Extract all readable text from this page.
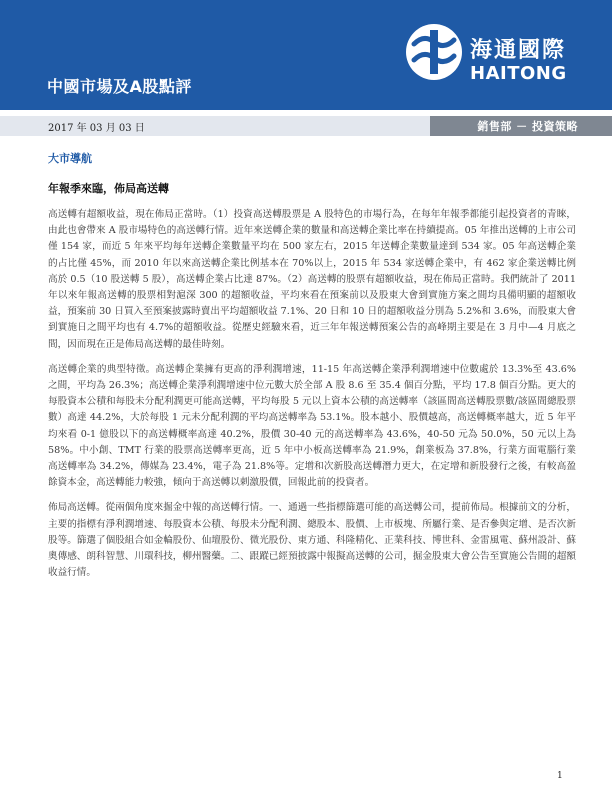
中國市場及A股點評
海通國際
HAITONG
2017 年 03 月 03 日	銷售部 － 投資策略
大市導航
年報季來臨，佈局高送轉

高送轉有超額收益，現在佈局正當時。（1）投資高送轉股票是 A 股特色的市場行為，在每年年報季都能引起投資者的青睞，由此也會帶來 A 股市場特色的高送轉行情。近年來送轉企業的數量和高送轉企業比率在持續提高。05 年推出送轉的上市公司僅 154 家，而近 5 年來平均每年送轉企業數量平均在 500 家左右，2015 年送轉企業數量達到 534 家。05 年高送轉企業的占比僅 45%，而 2010 年以來高送轉企業比例基本在 70%以上，2015 年 534 家送轉企業中，有 462 家企業送轉比例高於 0.5（10 股送轉 5 股），高送轉企業占比達 87%。（2）高送轉的股票有超額收益，現在佈局正當時。我們統計了 2011 年以來年報高送轉的股票相對滬深 300 的超額收益，平均來看在預案前以及股東大會到實施方案之間均具備明顯的超額收益，預案前 30 日買入至預案披露時賣出平均超額收益 7.1%、20 日和 10 日的超額收益分別為 5.2%和 3.6%，而股東大會到實施日之間平均也有 4.7%的超額收益。從歷史經驗來看，近三年年報送轉預案公告的高峰期主要是在 3 月中—4 月底之間，因而現在正是佈局高送轉的最佳時刻。

高送轉企業的典型特徵。高送轉企業擁有更高的淨利潤增速，11-15 年高送轉企業淨利潤增速中位數處於 13.3%至 43.6%之間，平均為 26.3%；高送轉企業淨利潤增速中位元數大於全部 A 股 8.6 至 35.4 個百分點，平均 17.8 個百分點。更大的每股資本公積和每股未分配利潤更可能高送轉，平均每股 5 元以上資本公積的高送轉率（該區間高送轉股票數/該區間總股票數）高達 44.2%，大於每股 1 元未分配利潤的平均高送轉率為 53.1%。股本越小、股價越高，高送轉概率越大，近 5 年平均來看 0-1 億股以下的高送轉概率高達 40.2%，股價 30-40 元的高送轉率為 43.6%，40-50 元為 50.0%，50 元以上為 58%。中小創、TMT 行業的股票高送轉率更高，近 5 年中小板高送轉率為 21.9%，創業板為 37.8%，行業方面電腦行業高送轉率為 34.2%，傳媒為 23.4%，電子為 21.8%等。定增和次新股高送轉潛力更大，在定增和新股發行之後，有較高盈餘資本金，高送轉能力較強，傾向于高送轉以刺激股價，回報此前的投資者。

佈局高送轉。從兩個角度來掘金中報的高送轉行情。一、通過一些指標篩選可能的高送轉公司，提前佈局。根據前文的分析，主要的指標有淨利潤增速、每股資本公積、每股未分配利潤、總股本、股價、上市板塊、所屬行業、是否參與定增、是否次新股等。篩選了個股組合如金輪股份、仙壇股份、微光股份、東方通、科隆精化、正業科技、博世科、金雷風電、蘇州設計、蘇奧傳感、朗科智慧、川環科技，柳州醫藥。二、跟蹤已經預披露中報擬高送轉的公司，掘金股東大會公告至實施公告間的超額收益行情。

1
